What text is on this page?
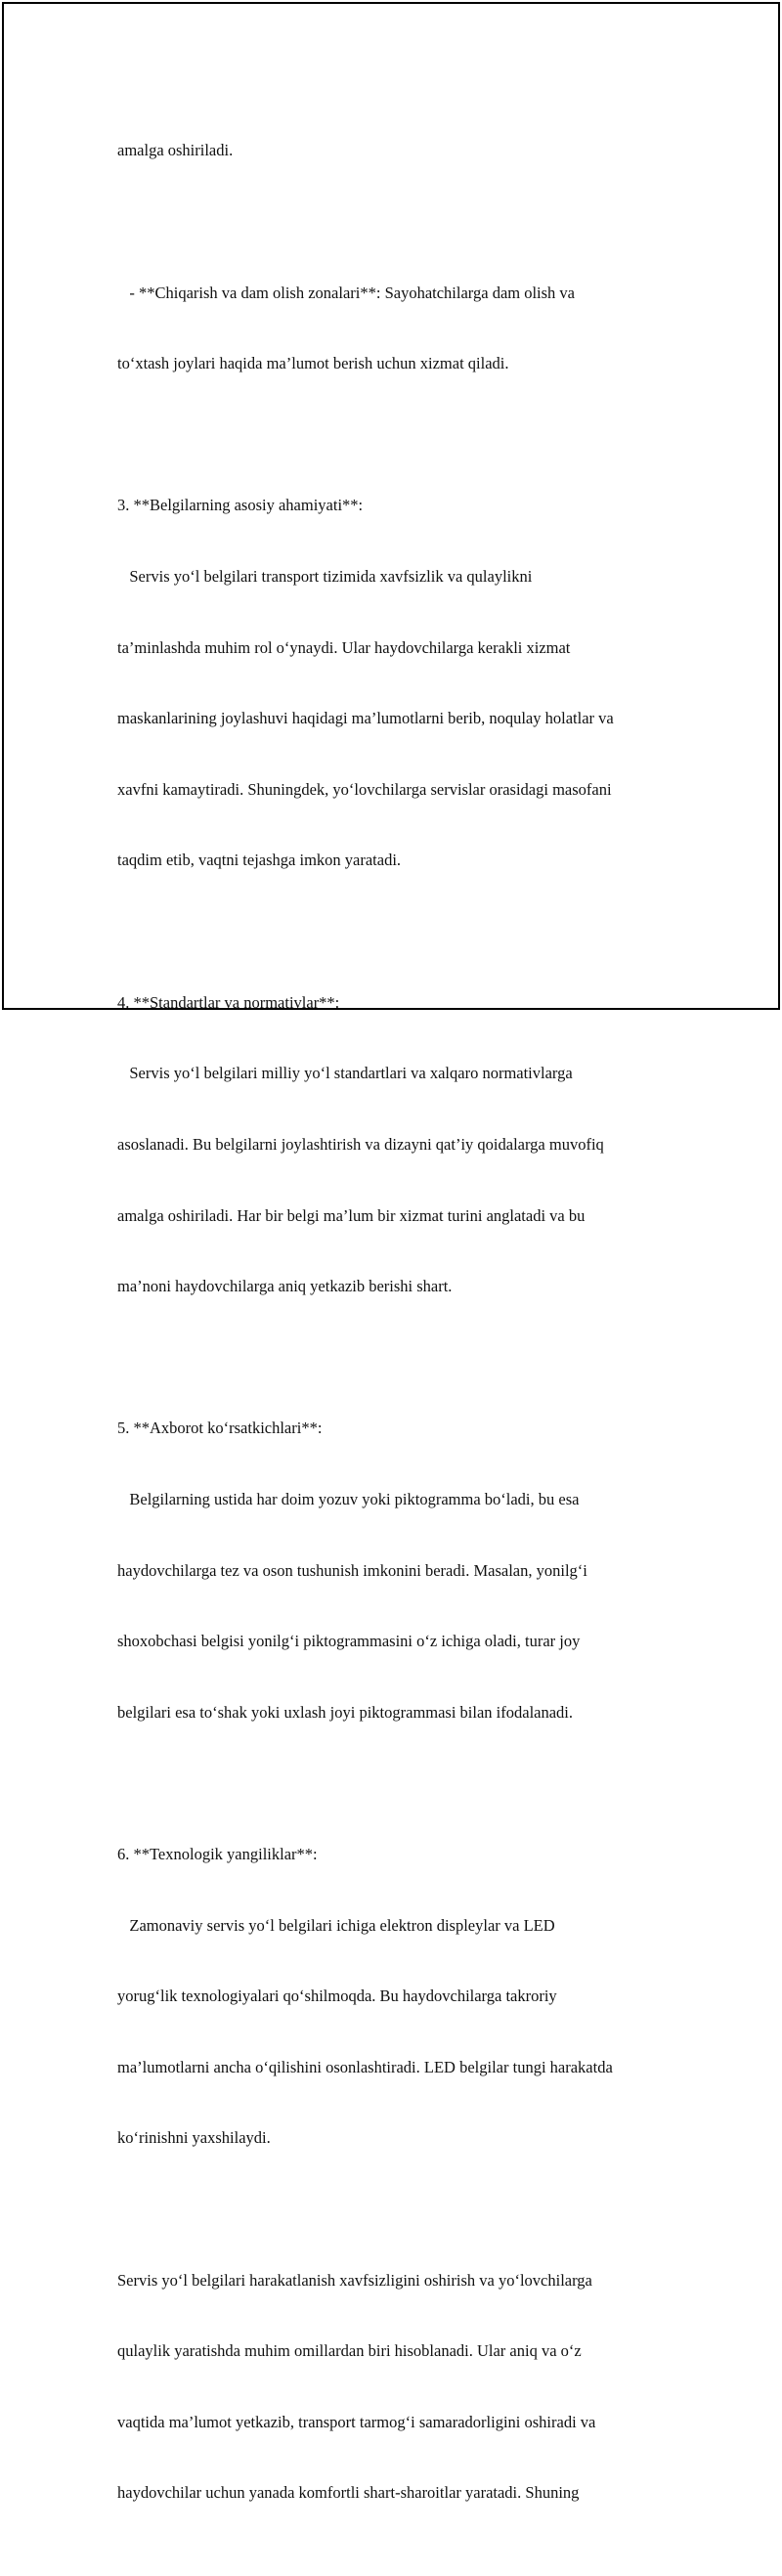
amalga oshiriladi.

- **Chiqarish va dam olish zonalari**: Sayohatchilarga dam olish va

to‘xtash joylari haqida ma’lumot berish uchun xizmat qiladi.

3. **Belgilarning asosiy ahamiyati**:

Servis yo‘l belgilari transport tizimida xavfsizlik va qulaylikni

ta’minlashda muhim rol o‘ynaydi. Ular haydovchilarga kerakli xizmat

maskanlarining joylashuvi haqidagi ma’lumotlarni berib, noqulay holatlar va

xavfni kamaytiradi. Shuningdek, yo‘lovchilarga servislar orasidagi masofani

taqdim etib, vaqtni tejashga imkon yaratadi.

4. **Standartlar va normativlar**:

Servis yo‘l belgilari milliy yo‘l standartlari va xalqaro normativlarga

asoslanadi. Bu belgilarni joylashtirish va dizayni qat’iy qoidalarga muvofiq

amalga oshiriladi. Har bir belgi ma’lum bir xizmat turini anglatadi va bu

ma’noni haydovchilarga aniq yetkazib berishi shart.

5. **Axborot ko‘rsatkichlari**:

Belgilarning ustida har doim yozuv yoki piktogramma bo‘ladi, bu esa

haydovchilarga tez va oson tushunish imkonini beradi. Masalan, yonilg‘i

shoxobchasi belgisi yonilg‘i piktogrammasini o‘z ichiga oladi, turar joy

belgilari esa to‘shak yoki uxlash joyi piktogrammasi bilan ifodalanadi.

6. **Texnologik yangiliklar**:

Zamonaviy servis yo‘l belgilari ichiga elektron displeylar va LED

yorug‘lik texnologiyalari qo‘shilmoqda. Bu haydovchilarga takroriy

ma’lumotlarni ancha o‘qilishini osonlashtiradi. LED belgilar tungi harakatda

ko‘rinishni yaxshilaydi.

Servis yo‘l belgilari harakatlanish xavfsizligini oshirish va yo‘lovchilarga

qulaylik yaratishda muhim omillardan biri hisoblanadi. Ular aniq va o‘z

vaqtida ma’lumot yetkazib, transport tarmog‘i samaradorligini oshiradi va

haydovchilar uchun yanada komfortli shart-sharoitlar yaratadi. Shuning
